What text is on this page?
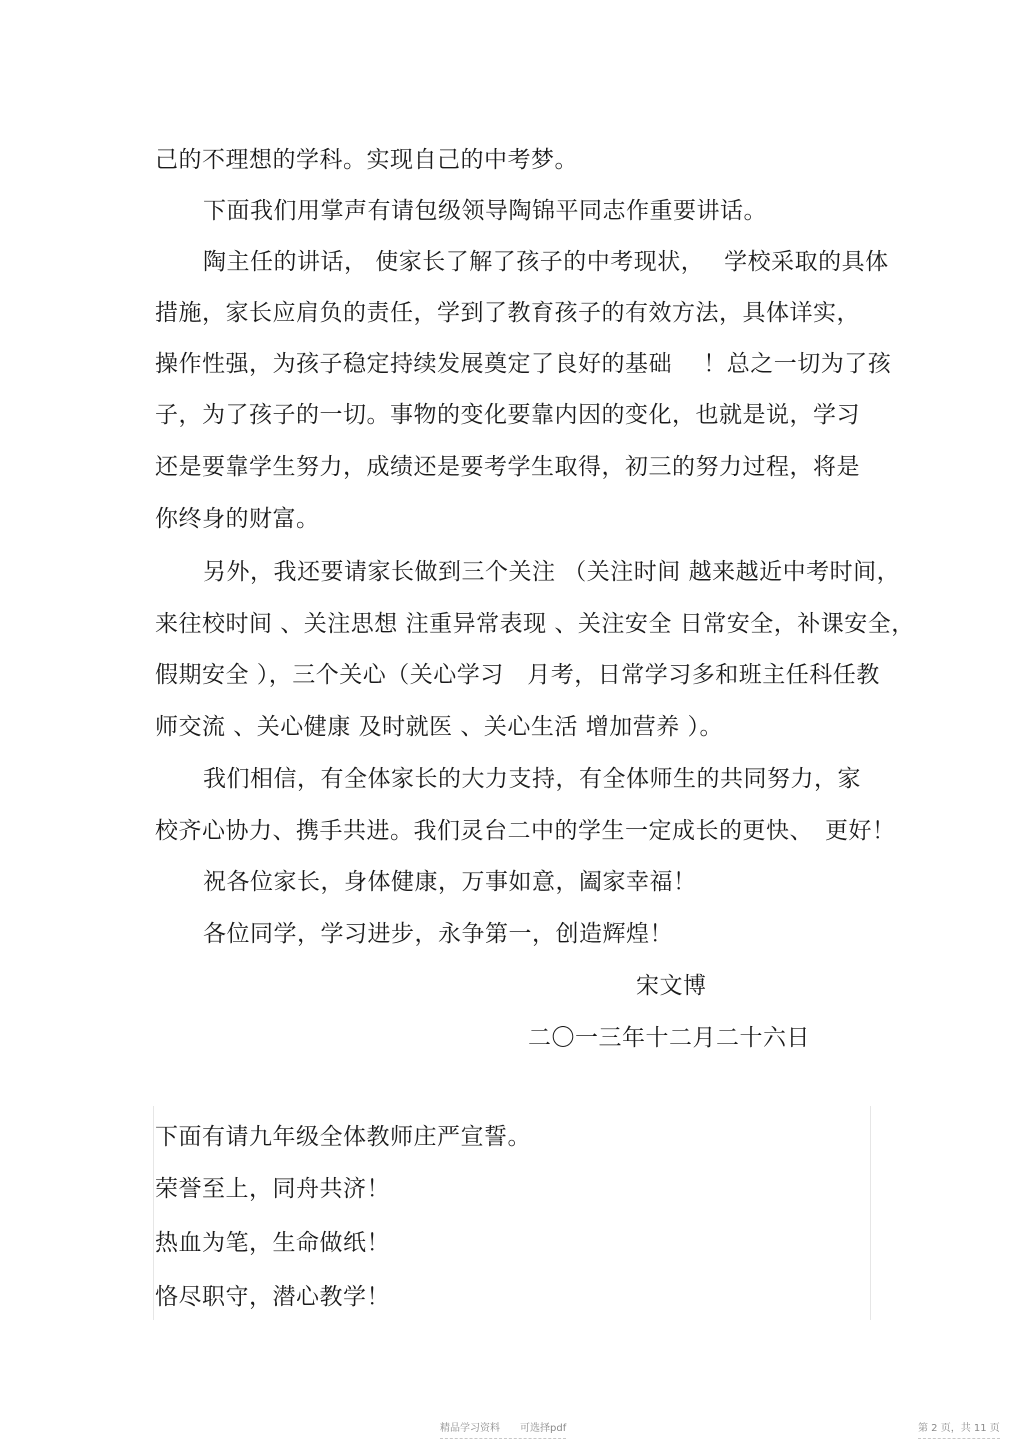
己的不理想的学科。实现自己的中考梦。
下面我们用掌声有请包级领导陶锦平同志作重要讲话。
陶主任的讲话， 使家长了解了孩子的中考现状，　 学校采取的具体
措施，家长应肩负的责任，学到了教育孩子的有效方法，具体详实，
操作性强，为孩子稳定持续发展奠定了良好的基础　 ！总之一切为了孩
子，为了孩子的一切。事物的变化要靠内因的变化，也就是说，学习
还是要靠学生努力，成绩还是要考学生取得，初三的努力过程，将是
你终身的财富。
另外，我还要请家长做到三个关注 （关注时间 越来越近中考时间，
来往校时间 、关注思想 注重异常表现 、关注安全 日常安全，补课安全，
假期安全 ），三个关心（关心学习　月考，日常学习多和班主任科任教
师交流 、关心健康 及时就医 、关心生活 增加营养 ）。
我们相信，有全体家长的大力支持，有全体师生的共同努力，家
校齐心协力、携手共进。我们灵台二中的学生一定成长的更快、　更好！
祝各位家长，身体健康，万事如意，阖家幸福！
各位同学，学习进步，永争第一，创造辉煌！
宋文博
二〇一三年十二月二十六日
下面有请九年级全体教师庄严宣誓。
荣誉至上，同舟共济！
热血为笔，生命做纸！
恪尽职守，潜心教学！
精品学习资料　　可选择pdf	第 2 页，共 11 页
